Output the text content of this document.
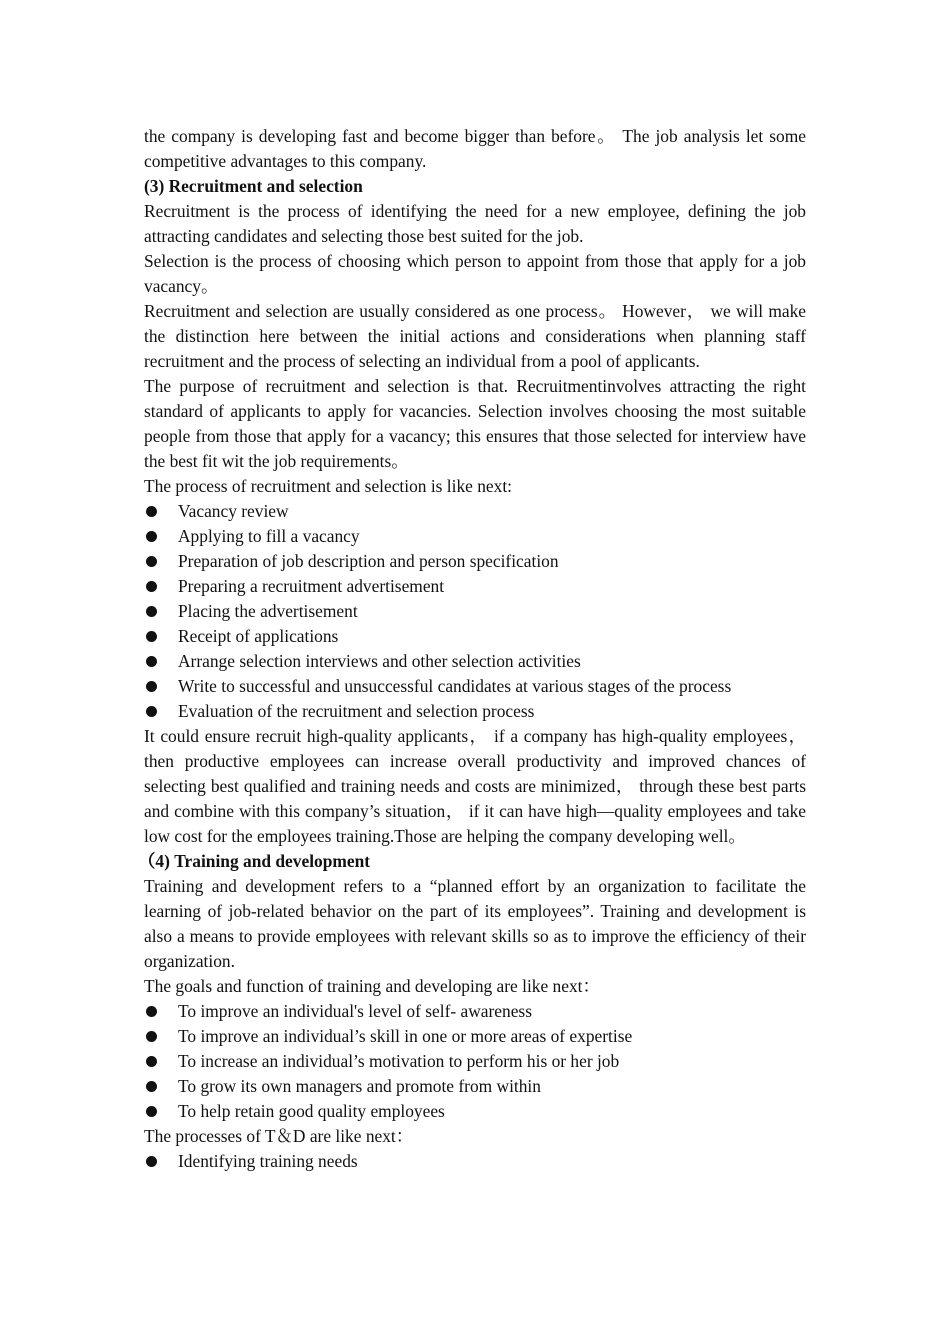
the company is developing fast and become bigger than before。 The job analysis let some competitive advantages to this company.

(3) Recruitment and selection

Recruitment is the process of identifying the need for a new employee, defining the job attracting candidates and selecting those best suited for the job.

Selection is the process of choosing which person to appoint from those that apply for a job vacancy。

Recruitment and selection are usually considered as one process。 However， we will make the distinction here between the initial actions and considerations when planning staff recruitment and the process of selecting an individual from a pool of applicants.

The purpose of recruitment and selection is that. Recruitmentinvolves attracting the right standard of applicants to apply for vacancies. Selection involves choosing the most suitable people from those that apply for a vacancy; this ensures that those selected for interview have the best fit wit the job requirements。

The process of recruitment and selection is like next:

Vacancy review
Applying to fill a vacancy
Preparation of job description and person specification
Preparing a recruitment advertisement
Placing the advertisement
Receipt of applications
Arrange selection interviews and other selection activities
Write to successful and unsuccessful candidates at various stages of the process
Evaluation of the recruitment and selection process

It could ensure recruit high-quality applicants， if a company has high-quality employees， then productive employees can increase overall productivity and improved chances of selecting best qualified and training needs and costs are minimized， through these best parts and combine with this company’s situation， if it can have high—quality employees and take low cost for the employees training.Those are helping the company developing well。

（4) Training and development

Training and development refers to a “planned effort by an organization to facilitate the learning of job-related behavior on the part of its employees”. Training and development is also a means to provide employees with relevant skills so as to improve the efficiency of their organization.

The goals and function of training and developing are like next：

To improve an individual's level of self- awareness
To improve an individual’s skill in one or more areas of expertise
To increase an individual’s motivation to perform his or her job
To grow its own managers and promote from within
To help retain good quality employees

The processes of T＆D are like next：

Identifying training needs
